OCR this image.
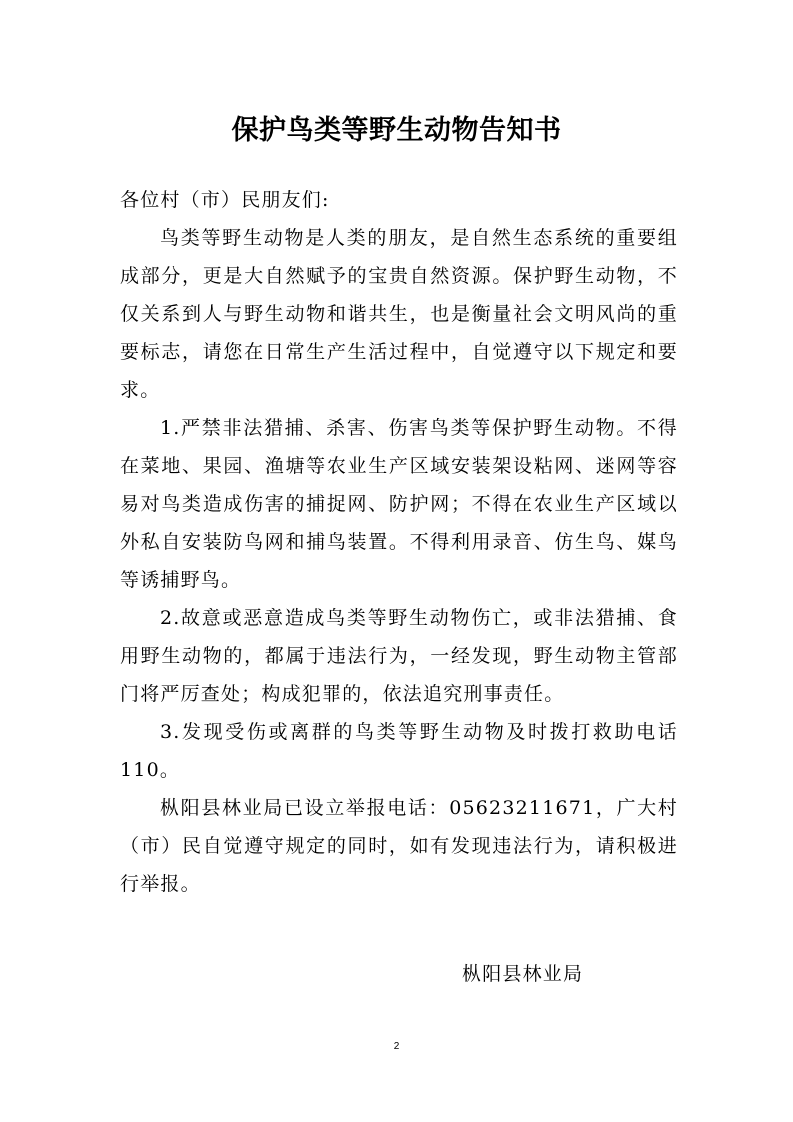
保护鸟类等野生动物告知书

各位村（市）民朋友们:

鸟类等野生动物是人类的朋友，是自然生态系统的重要组成部分，更是大自然赋予的宝贵自然资源。保护野生动物，不仅关系到人与野生动物和谐共生，也是衡量社会文明风尚的重要标志，请您在日常生产生活过程中，自觉遵守以下规定和要求。

1.严禁非法猎捕、杀害、伤害鸟类等保护野生动物。不得在菜地、果园、渔塘等农业生产区域安装架设粘网、迷网等容易对鸟类造成伤害的捕捉网、防护网；不得在农业生产区域以外私自安装防鸟网和捕鸟装置。不得利用录音、仿生鸟、媒鸟等诱捕野鸟。

2.故意或恶意造成鸟类等野生动物伤亡，或非法猎捕、食用野生动物的，都属于违法行为，一经发现，野生动物主管部门将严厉查处；构成犯罪的，依法追究刑事责任。

3.发现受伤或离群的鸟类等野生动物及时拨打救助电话 110。

枞阳县林业局已设立举报电话：05623211671，广大村（市）民自觉遵守规定的同时，如有发现违法行为，请积极进行举报。

枞阳县林业局

2
